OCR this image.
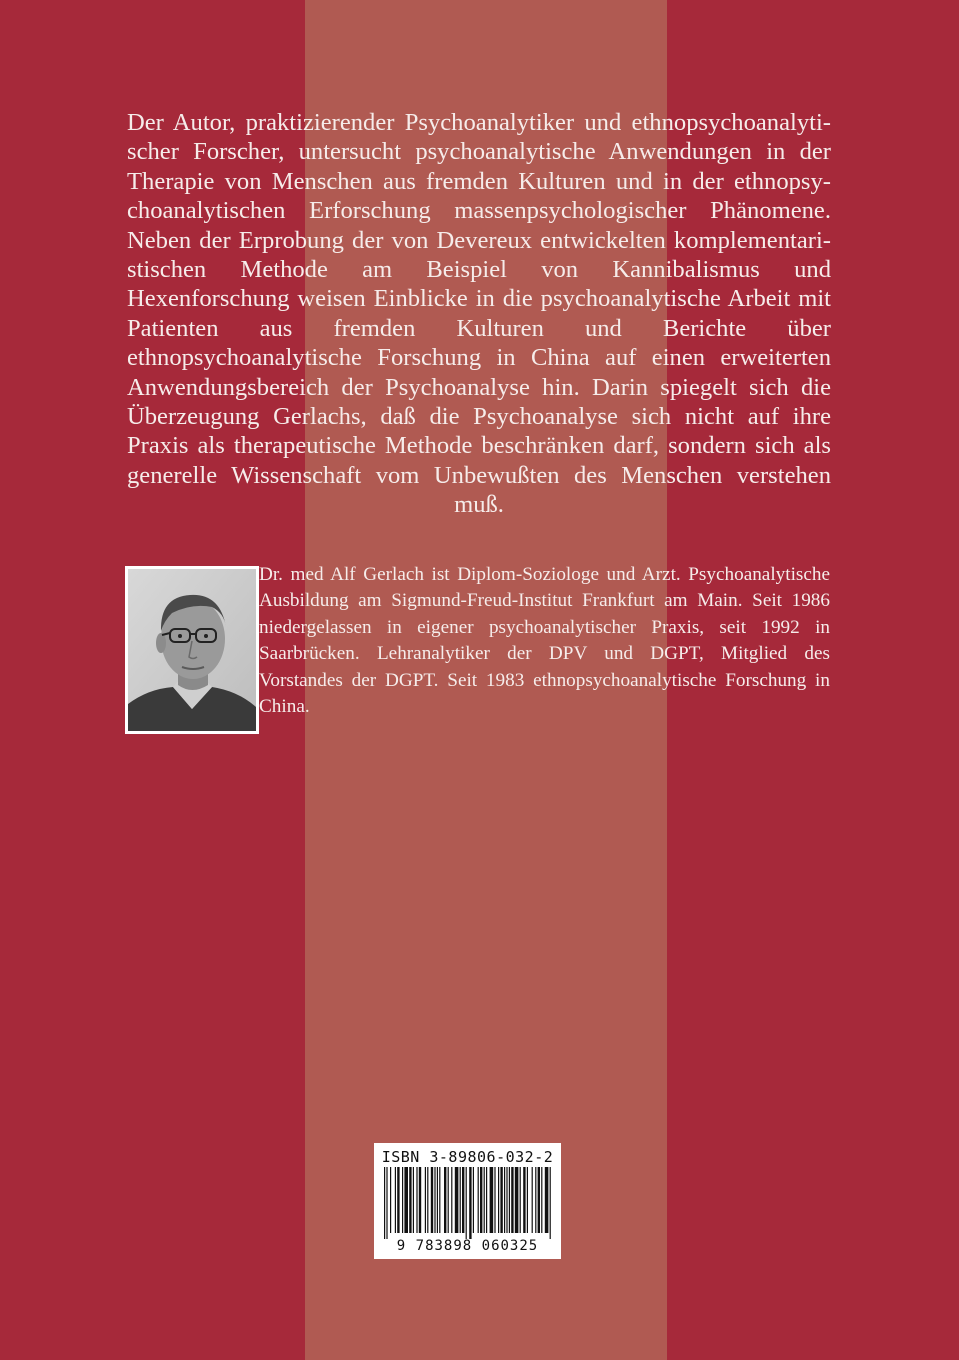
Der Autor, praktizierender Psychoanalytiker und ethnopsychoanalytischer Forscher, untersucht psychoanalytische Anwendungen in der Therapie von Menschen aus fremden Kulturen und in der ethnopsychoanalytischen Erforschung massenpsychologischer Phänomene. Neben der Erprobung der von Devereux entwickelten komplementaristischen Methode am Beispiel von Kannibalismus und Hexenforschung weisen Einblicke in die psychoanalytische Arbeit mit Patienten aus fremden Kulturen und Berichte über ethnopsychoanalytische Forschung in China auf einen erweiterten Anwendungsbereich der Psychoanalyse hin. Darin spiegelt sich die Überzeugung Gerlachs, daß die Psychoanalyse sich nicht auf ihre Praxis als therapeutische Methode beschränken darf, sondern sich als generelle Wissenschaft vom Unbewußten des Menschen verstehen muß.

Dr. med Alf Gerlach ist Diplom-Soziologe und Arzt. Psychoanalytische Ausbildung am Sigmund-Freud-Institut Frankfurt am Main. Seit 1986 niedergelassen in eigener psychoanalytischer Praxis, seit 1992 in Saarbrücken. Lehranalytiker der DPV und DGPT, Mitglied des Vorstandes der DGPT. Seit 1983 ethnopsychoanalytische Forschung in China.

ISBN 3-89806-032-2
9 783898 060325
